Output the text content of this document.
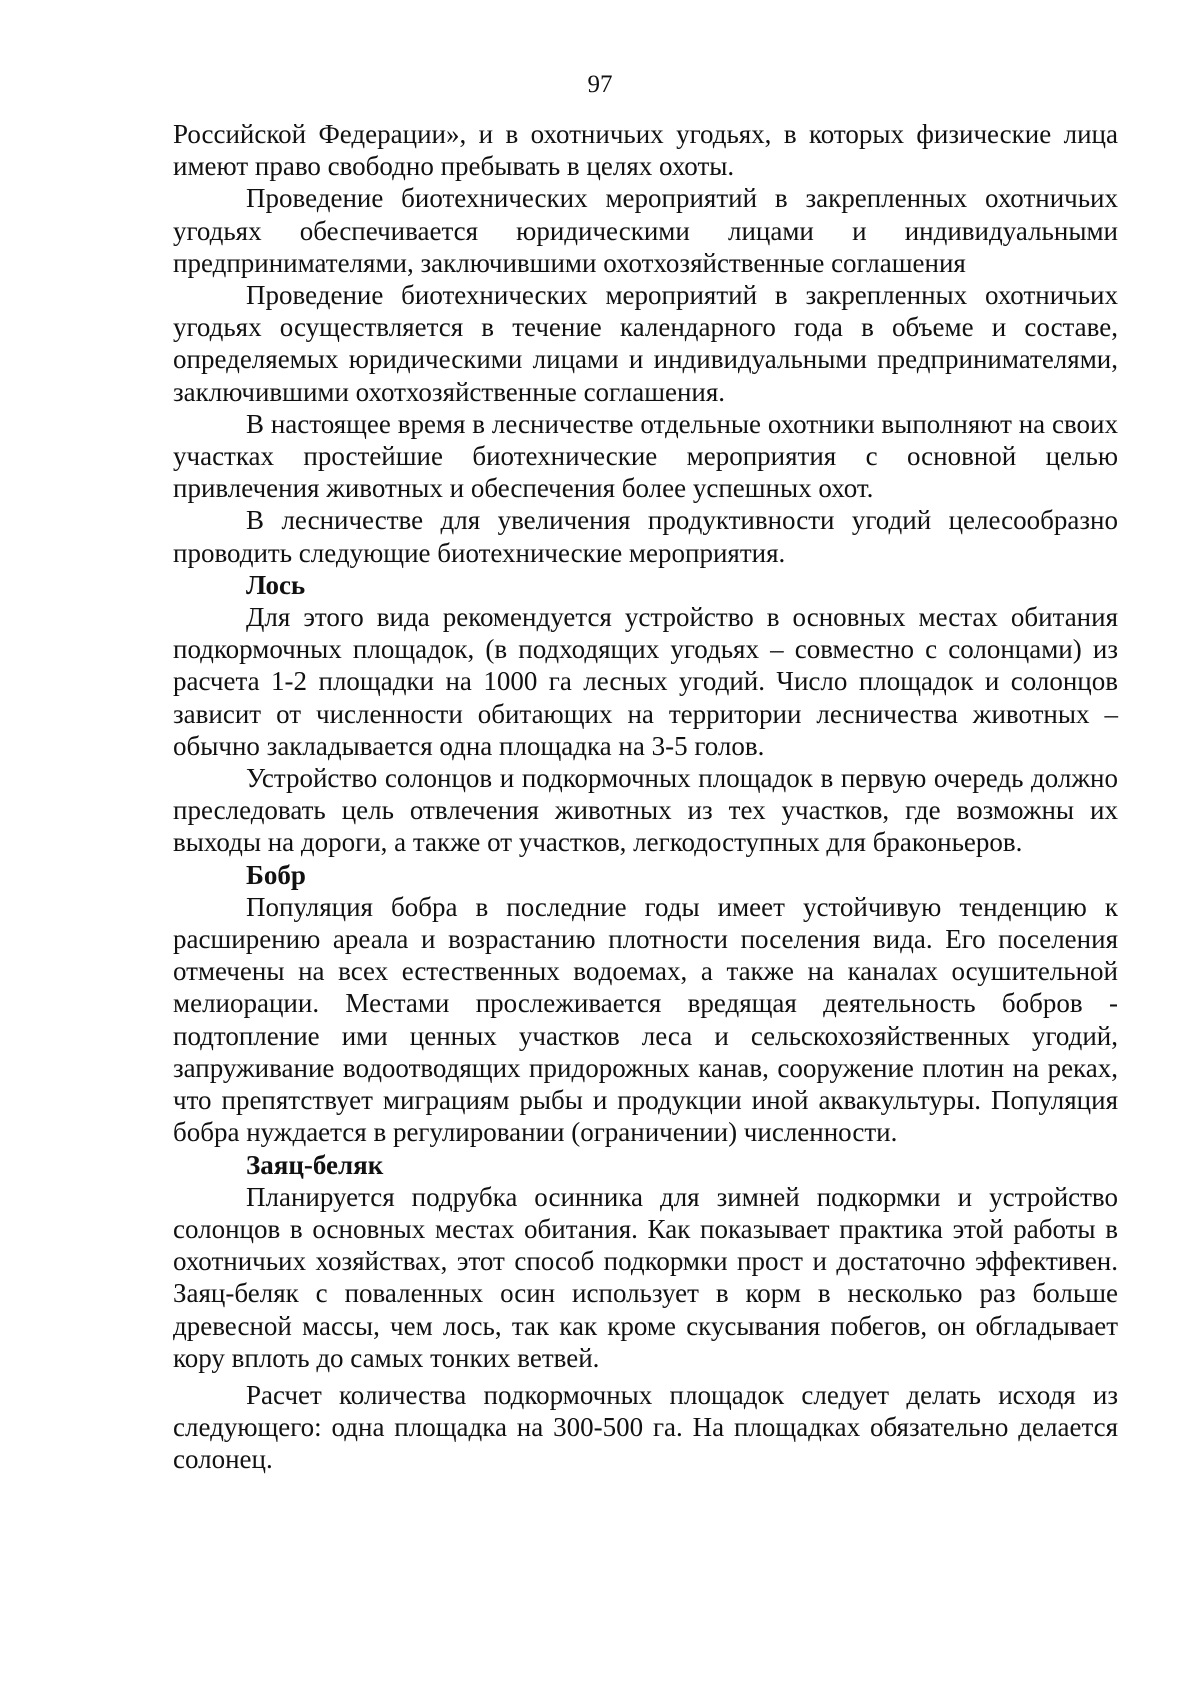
97

Российской Федерации», и в охотничьих угодьях, в которых физические лица имеют право свободно пребывать в целях охоты.

Проведение биотехнических мероприятий в закрепленных охотничьих угодьях обеспечивается юридическими лицами и индивидуальными предпринимателями, заключившими охотхозяйственные соглашения

Проведение биотехнических мероприятий в закрепленных охотничьих угодьях осуществляется в течение календарного года в объеме и составе, определяемых юридическими лицами и индивидуальными предпринимателями, заключившими охотхозяйственные соглашения.

В настоящее время в лесничестве отдельные охотники выполняют на своих участках простейшие биотехнические мероприятия с основной целью привлечения животных и обеспечения более успешных охот.

В лесничестве для увеличения продуктивности угодий целесообразно проводить следующие биотехнические мероприятия.

Лось

Для этого вида рекомендуется устройство в основных местах обитания подкормочных площадок, (в подходящих угодьях – совместно с солонцами) из расчета 1-2 площадки на 1000 га лесных угодий. Число площадок и солонцов зависит от численности обитающих на территории лесничества животных – обычно закладывается одна площадка на 3-5 голов.

Устройство солонцов и подкормочных площадок в первую очередь должно преследовать цель отвлечения животных из тех участков, где возможны их выходы на дороги, а также от участков, легкодоступных для браконьеров.

Бобр

Популяция бобра в последние годы имеет устойчивую тенденцию к расширению ареала и возрастанию плотности поселения вида. Его поселения отмечены на всех естественных водоемах, а также на каналах осушительной мелиорации. Местами прослеживается вредящая деятельность бобров - подтопление ими ценных участков леса и сельскохозяйственных угодий, запруживание водоотводящих придорожных канав, сооружение плотин на реках, что препятствует миграциям рыбы и продукции иной аквакультуры. Популяция бобра нуждается в регулировании (ограничении) численности.

Заяц-беляк

Планируется подрубка осинника для зимней подкормки и устройство солонцов в основных местах обитания. Как показывает практика этой работы в охотничьих хозяйствах, этот способ подкормки прост и достаточно эффективен. Заяц-беляк с поваленных осин использует в корм в несколько раз больше древесной массы, чем лось, так как кроме скусывания побегов, он обгладывает кору вплоть до самых тонких ветвей.

Расчет количества подкормочных площадок следует делать исходя из следующего: одна площадка на 300-500 га. На площадках обязательно делается солонец.
